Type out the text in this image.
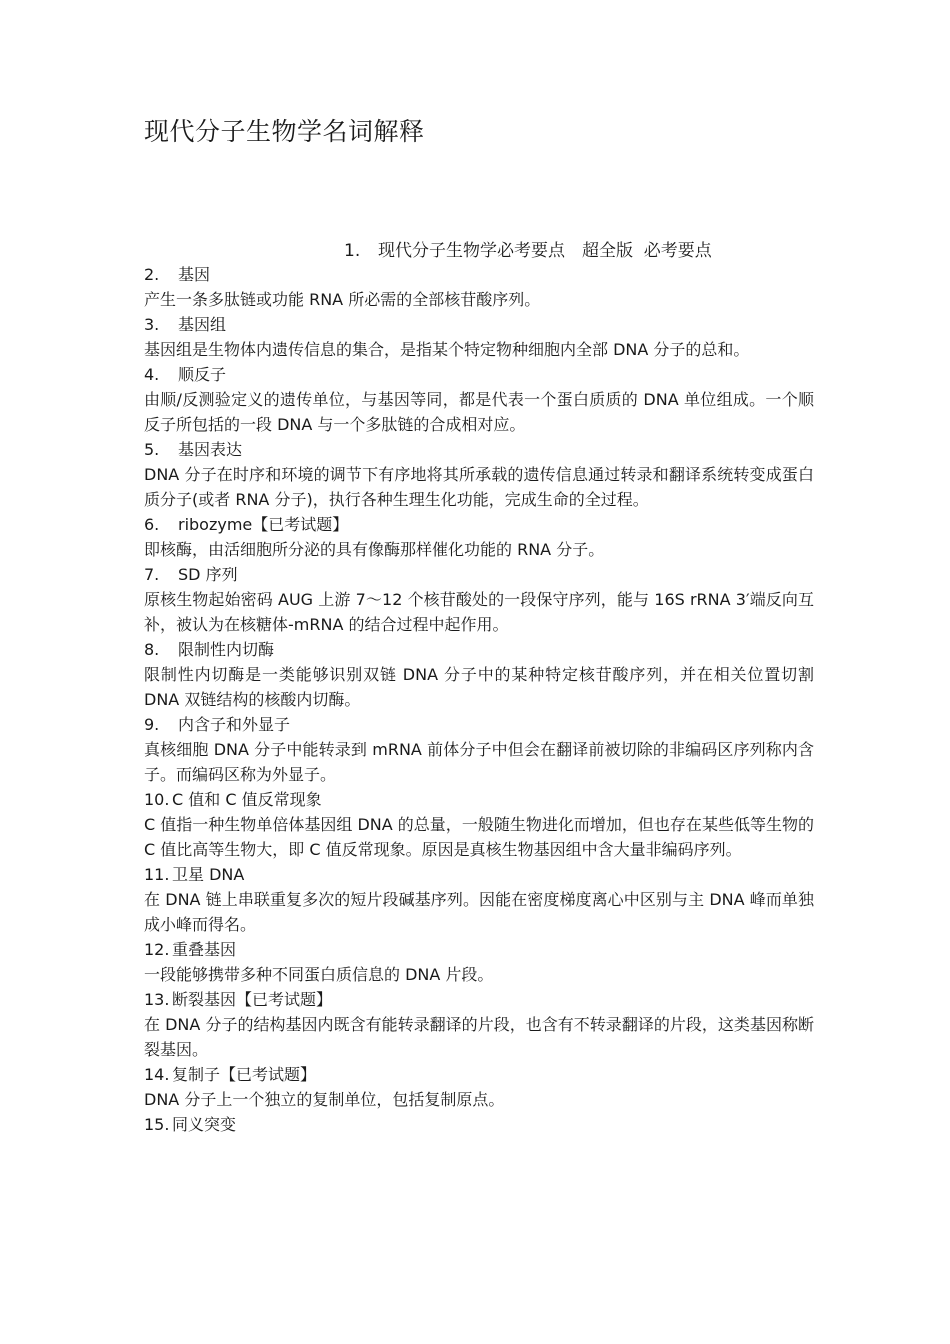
现代分子生物学名词解释
1. 现代分子生物学必考要点　超全版  必考要点
2.	基因
产生一条多肽链或功能 RNA 所必需的全部核苷酸序列。
3.	基因组
基因组是生物体内遗传信息的集合，是指某个特定物种细胞内全部 DNA 分子的总和。
4.	顺反子
由顺/反测验定义的遗传单位，与基因等同，都是代表一个蛋白质质的 DNA 单位组成。一个顺反子所包括的一段 DNA 与一个多肽链的合成相对应。
5.	基因表达
DNA 分子在时序和环境的调节下有序地将其所承载的遗传信息通过转录和翻译系统转变成蛋白质分子(或者 RNA 分子)，执行各种生理生化功能，完成生命的全过程。
6.	ribozyme【已考试题】
即核酶，由活细胞所分泌的具有像酶那样催化功能的 RNA 分子。
7.	SD 序列
原核生物起始密码 AUG 上游 7～12 个核苷酸处的一段保守序列，能与 16S rRNA 3′端反向互补，被认为在核糖体-mRNA 的结合过程中起作用。
8.	限制性内切酶
限制性内切酶是一类能够识别双链 DNA 分子中的某种特定核苷酸序列，并在相关位置切割 DNA 双链结构的核酸内切酶。
9.	内含子和外显子
真核细胞 DNA 分子中能转录到 mRNA 前体分子中但会在翻译前被切除的非编码区序列称内含子。而编码区称为外显子。
10. C 值和 C 值反常现象
C 值指一种生物单倍体基因组 DNA 的总量，一般随生物进化而增加，但也存在某些低等生物的 C 值比高等生物大，即 C 值反常现象。原因是真核生物基因组中含大量非编码序列。
11. 卫星 DNA
在 DNA 链上串联重复多次的短片段碱基序列。因能在密度梯度离心中区别与主 DNA 峰而单独成小峰而得名。
12. 重叠基因
一段能够携带多种不同蛋白质信息的 DNA 片段。
13. 断裂基因【已考试题】
在 DNA 分子的结构基因内既含有能转录翻译的片段，也含有不转录翻译的片段，这类基因称断裂基因。
14. 复制子【已考试题】
DNA 分子上一个独立的复制单位，包括复制原点。
15. 同义突变
